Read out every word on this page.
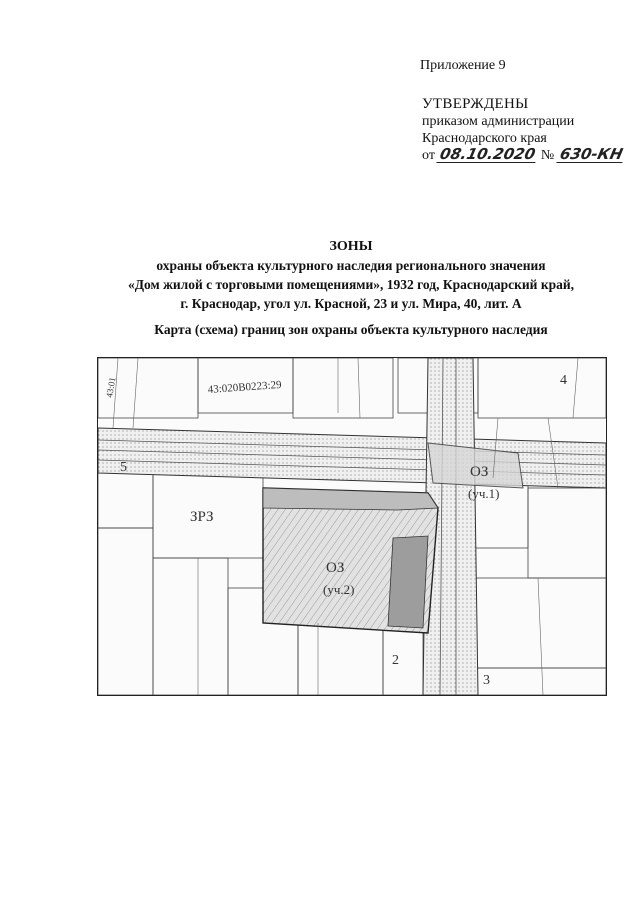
Приложение 9
УТВЕРЖДЕНЫ
приказом администрации
Краснодарского края
от 08.10.2020 № 630-КН
ЗОНЫ
охраны объекта культурного наследия регионального значения
«Дом жилой с торговыми помещениями», 1932 год, Краснодарский край,
г. Краснодар, угол ул. Красной, 23 и ул. Мира, 40, лит. А
Карта (схема) границ зон охраны объекта культурного наследия
43:020В0223:29
43:01
5
ЗРЗ
ОЗ
(уч.1)
ОЗ
(уч.2)
4
2
3
